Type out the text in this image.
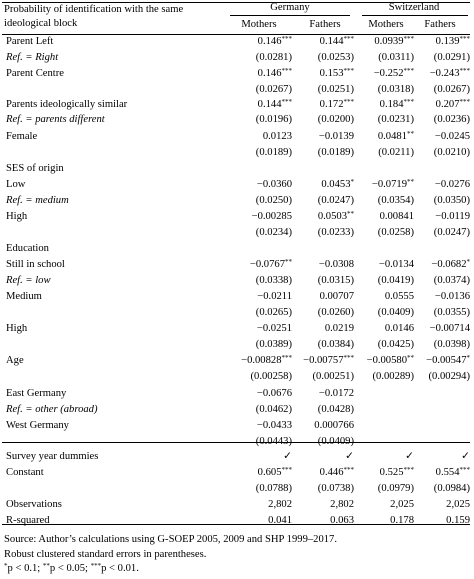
Probability of identification with the same
ideological block
Germany	Switzerland
Mothers	Fathers	Mothers	Fathers
Parent Left	0.146***	0.144***	0.0939***	0.139***
Ref. = Right	(0.0281)	(0.0253)	(0.0311)	(0.0291)
Parent Centre	0.146***	0.153***	−0.252***	−0.243***
(0.0267)	(0.0251)	(0.0318)	(0.0267)
Parents ideologically similar	0.144***	0.172***	0.184***	0.207***
Ref. = parents different	(0.0196)	(0.0200)	(0.0231)	(0.0236)
Female	0.0123	−0.0139	0.0481**	−0.0245
(0.0189)	(0.0189)	(0.0211)	(0.0210)
SES of origin
Low	−0.0360	0.0453*	−0.0719**	−0.0276
Ref. = medium	(0.0250)	(0.0247)	(0.0354)	(0.0350)
High	−0.00285	0.0503**	0.00841	−0.0119
(0.0234)	(0.0233)	(0.0258)	(0.0247)
Education
Still in school	−0.0767**	−0.0308	−0.0134	−0.0682*
Ref. = low	(0.0338)	(0.0315)	(0.0419)	(0.0374)
Medium	−0.0211	0.00707	0.0555	−0.0136
(0.0265)	(0.0260)	(0.0409)	(0.0355)
High	−0.0251	0.0219	0.0146	−0.00714
(0.0389)	(0.0384)	(0.0425)	(0.0398)
Age	−0.00828*** −0.00757***	−0.00580**	−0.00547*
(0.00258)	(0.00251)	(0.00289)	(0.00294)
East Germany	−0.0676	−0.0172
Ref. = other (abroad)	(0.0462)	(0.0428)
West Germany	−0.0433	0.000766
(0.0443)	(0.0409)
Survey year dummies	✓	✓	✓	✓
Constant	0.605***	0.446***	0.525***	0.554***
(0.0788)	(0.0738)	(0.0979)	(0.0984)
Observations	2,802	2,802	2,025	2,025
R-squared	0.041	0.063	0.178	0.159
Source: Author’s calculations using G-SOEP 2005, 2009 and SHP 1999–2017.
Robust clustered standard errors in parentheses.
*p < 0.1; **p < 0.05; ***p < 0.01.
